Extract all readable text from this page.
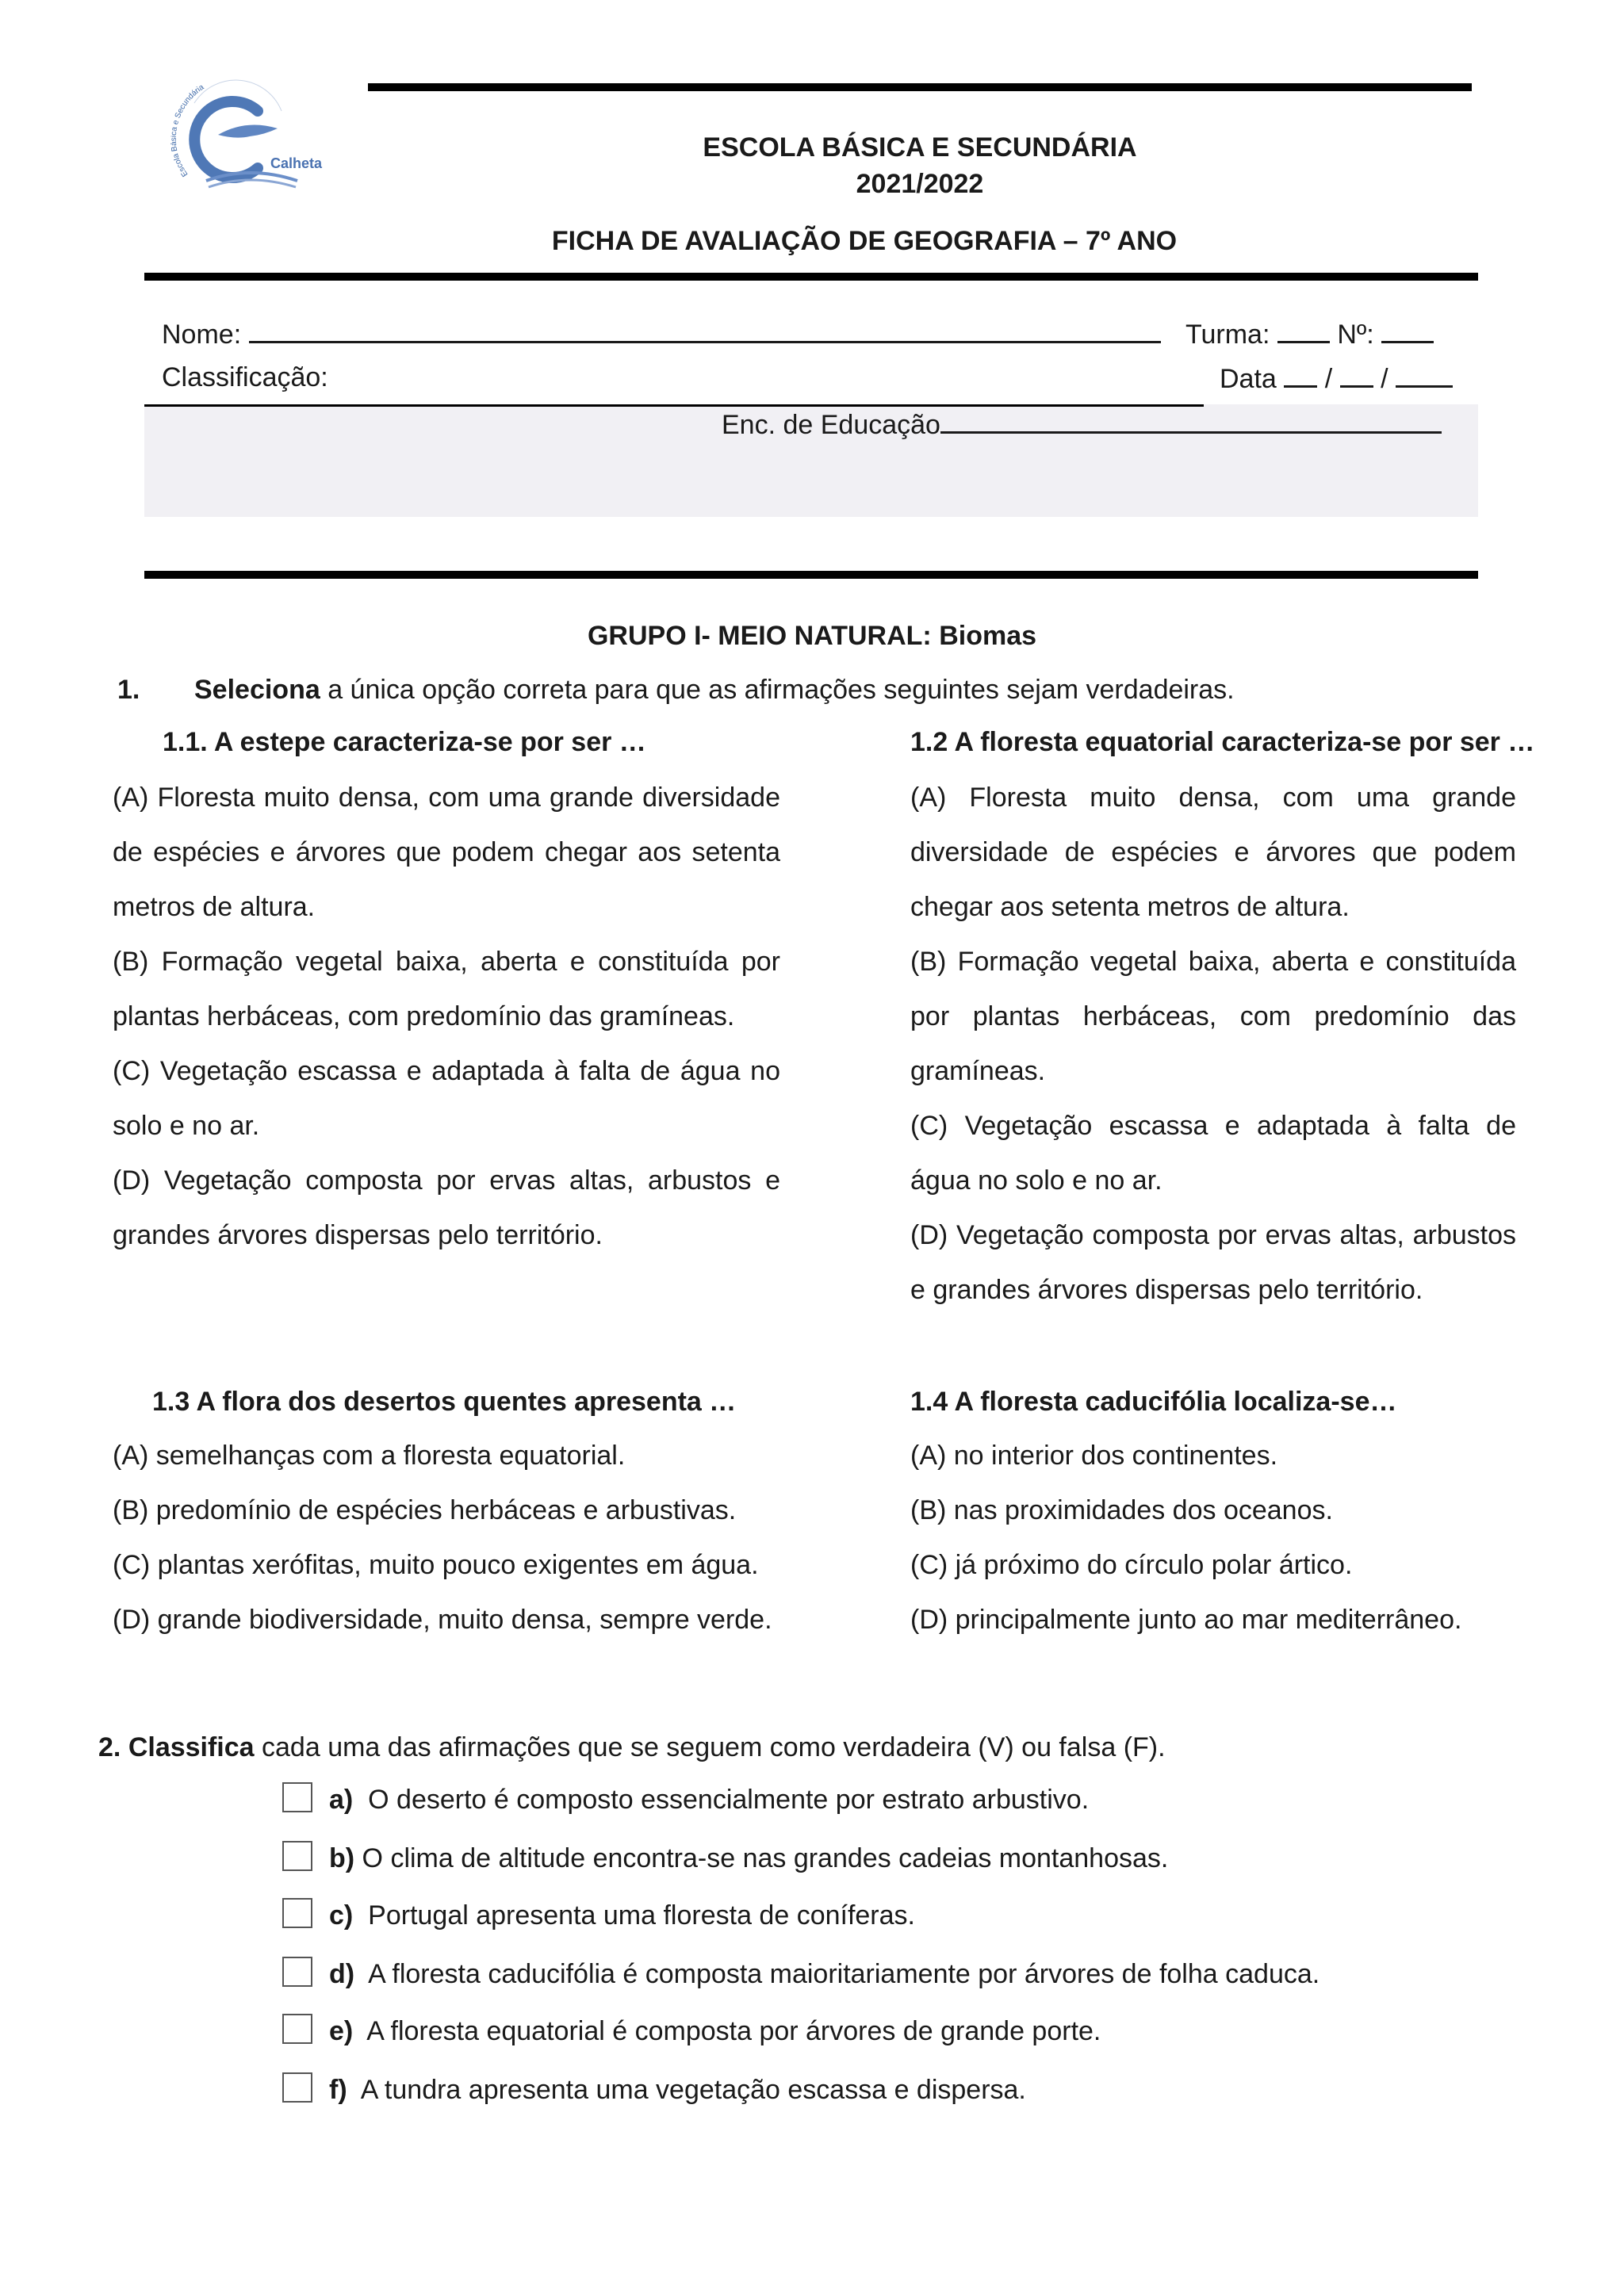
Escola B ca e Secundária
Calheta
ESCOLA BÁSICA E SECUNDÁRIA
2021/2022
FICHA DE AVALIAÇÃO DE GEOGRAFIA – 7º ANO
Nome:	Turma: Nº:
Classificação:	Data / /
Enc. de Educação
GRUPO I- MEIO NATURAL: Biomas
1. Seleciona a única opção correta para que as afirmações seguintes sejam verdadeiras.
1.1. A estepe caracteriza-se por ser …
(A) Floresta muito densa, com uma grande diversidade de espécies e árvores que podem chegar aos setenta metros de altura.
(B) Formação vegetal baixa, aberta e constituída por plantas herbáceas, com predomínio das gramíneas.
(C) Vegetação escassa e adaptada à falta de água no solo e no ar.
(D) Vegetação composta por ervas altas, arbustos e grandes árvores dispersas pelo território.
1.2 A floresta equatorial caracteriza-se por ser …
(A) Floresta muito densa, com uma grande diversidade de espécies e árvores que podem chegar aos setenta metros de altura.
(B) Formação vegetal baixa, aberta e constituída por plantas herbáceas, com predomínio das gramíneas.
(C) Vegetação escassa e adaptada à falta de água no solo e no ar.
(D) Vegetação composta por ervas altas, arbustos e grandes árvores dispersas pelo território.
1.3 A flora dos desertos quentes apresenta …
(A) semelhanças com a floresta equatorial.
(B) predomínio de espécies herbáceas e arbustivas.
(C) plantas xerófitas, muito pouco exigentes em água.
(D) grande biodiversidade, muito densa, sempre verde.
1.4 A floresta caducifólia localiza-se…
(A) no interior dos continentes.
(B) nas proximidades dos oceanos.
(C) já próximo do círculo polar ártico.
(D) principalmente junto ao mar mediterrâneo.
2. Classifica cada uma das afirmações que se seguem como verdadeira (V) ou falsa (F).
a) O deserto é composto essencialmente por estrato arbustivo.
b) O clima de altitude encontra-se nas grandes cadeias montanhosas.
c) Portugal apresenta uma floresta de coníferas.
d) A floresta caducifólia é composta maioritariamente por árvores de folha caduca.
e) A floresta equatorial é composta por árvores de grande porte.
f) A tundra apresenta uma vegetação escassa e dispersa.
